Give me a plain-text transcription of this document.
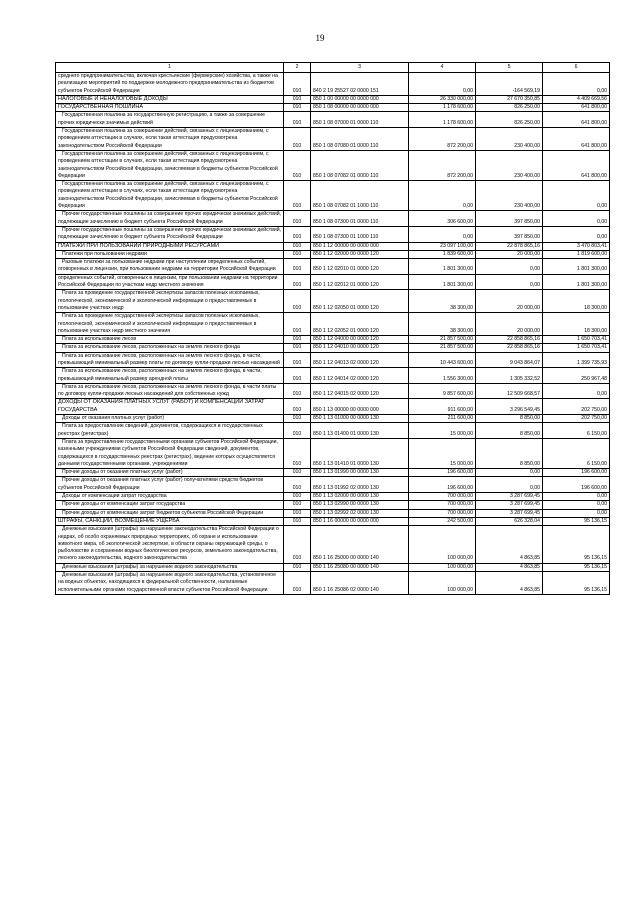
19
1	2	3	4	5	6
среднего предпринимательства, включая крестьянские (фермерские) хозяйства, а также на реализацию мероприятий по поддержке молодежного предпринимательства из бюджетов субъектов Российской Федерации	010	840 2 19 25527 02 0000 151	0,00	-164 569,19	0,00
НАЛОГОВЫЕ И НЕНАЛОГОВЫЕ ДОХОДЫ	010	850 1 00 00000 00 0000 000	26 330 000,00	27 670 350,85	4 409 669,56
ГОСУДАРСТВЕННАЯ ПОШЛИНА	010	850 1 08 00000 00 0000 000	1 178 600,00	826 250,00	641 800,00
Государственная пошлина за государственную регистрацию, а также за совершение прочих юридически значимых действий	010	850 1 08 07000 01 0000 110	1 178 600,00	826 250,00	641 800,00
Государственная пошлина за совершение действий, связанных с лицензированием, с проведением аттестации в случаях, если такая аттестация предусмотрена законодательством Российской Федерации	010	850 1 08 07080 01 0000 110	872 200,00	230 400,00	641 800,00
Государственная пошлина за совершение действий, связанных с лицензированием, с проведением аттестации в случаях, если такая аттестация предусмотрена законодательством Российской Федерации, зачисляемая в бюджеты субъектов Российской Федерации	010	850 1 08 07082 01 0000 110	872 200,00	230 400,00	641 800,00
Государственная пошлина за совершение действий, связанных с лицензированием, с проведением аттестации в случаях, если такая аттестация предусмотрена законодательством Российской Федерации, зачисляемая в бюджеты субъектов Российской Федерации	010	850 1 08 07082 01 1000 110	0,00	230 400,00	0,00
Прочие государственные пошлины за совершение прочих юридически значимых действий, подлежащие зачислению в бюджет субъекта Российской Федерации	010	850 1 08 07300 01 0000 110	306 600,00	397 850,00	0,00
Прочие государственные пошлины за совершение прочих юридически значимых действий, подлежащие зачислению в бюджет субъекта Российской Федерации	010	850 1 08 07300 01 1000 110	0,00	397 850,00	0,00
ПЛАТЕЖИ ПРИ ПОЛЬЗОВАНИИ ПРИРОДНЫМИ РЕСУРСАМИ	010	850 1 12 00000 00 0000 000	23 097 100,00	22 878 865,16	3 470 803,41
Платежи при пользовании недрами	010	850 1 12 02000 00 0000 120	1 839 600,00	20 000,00	1 819 600,00
Разовые платежи за пользование недрами при наступлении определенных событий, оговоренных в лицензии, при пользовании недрами на территории Российской Федерации	010	850 1 12 02010 01 0000 120	1 801 300,00	0,00	1 801 300,00
определенных событий, оговоренных в лицензии, при пользовании недрами на территории Российской Федерации по участкам недр местного значения	010	850 1 12 02012 01 0000 120	1 801 300,00	0,00	1 801 300,00
Плата за проведение государственной экспертизы запасов полезных ископаемых, геологической, экономической и экологической информации о предоставляемых в пользование участках недр	010	850 1 12 02050 01 0000 120	38 300,00	20 000,00	18 300,00
Плата за проведение государственной экспертизы запасов полезных ископаемых, геологической, экономической и экологической информации о предоставляемых в пользование участках недр местного значения	010	850 1 12 02052 01 0000 120	38 300,00	20 000,00	18 300,00
Плата за использование лесов	010	850 1 12 04000 00 0000 120	21 857 500,00	22 858 865,16	1 650 703,41
Плата за использование лесов, расположенных на землях лесного фонда	010	850 1 12 04010 00 0000 120	21 857 500,00	22 858 865,16	1 650 703,41
Плата за использование лесов, расположенных на землях лесного фонда, в части, превышающей минимальный размер платы по договору купли-продажи лесных насаждений	010	850 1 12 04013 02 0000 120	10 443 600,00	9 043 864,07	1 399 735,93
Плата за использование лесов, расположенных на землях лесного фонда, в части, превышающей минимальный размер арендной платы	010	850 1 12 04014 02 0000 120	1 556 300,00	1 305 332,52	250 967,48
Плата за использование лесов, расположенных на землях лесного фонда, в части платы по договору купли-продажи лесных насаждений для собственных нужд	010	850 1 12 04015 02 0000 120	9 857 600,00	12 509 668,57	0,00
ДОХОДЫ ОТ ОКАЗАНИЯ ПЛАТНЫХ УСЛУГ (РАБОТ) И КОМПЕНСАЦИИ ЗАТРАТ ГОСУДАРСТВА	010	850 1 13 00000 00 0000 000	911 600,00	3 296 549,45	202 750,00
Доходы от оказания платных услуг (работ)	010	850 1 13 01000 00 0000 130	211 600,00	8 850,00	202 750,00
Плата за предоставление сведений, документов, содержащихся в государственных реестрах (регистрах)	010	850 1 13 01400 01 0000 130	15 000,00	8 850,00	6 150,00
Плата за предоставление государственными органами субъектов Российской Федерации, казенными учреждениями субъектов Российской Федерации сведений, документов, содержащихся в государственных реестрах (регистрах), ведение которых осуществляется данными государственными органами, учреждениями	010	850 1 13 01410 01 0000 130	15 000,00	8 850,00	6 150,00
Прочие доходы от оказания платных услуг (работ)	010	850 1 13 01990 00 0000 130	196 600,00	0,00	196 600,00
Прочие доходы от оказания платных услуг (работ) получателями средств бюджетов субъектов Российской Федерации	010	850 1 13 01992 02 0000 130	196 600,00	0,00	196 600,00
Доходы от компенсации затрат государства	010	850 1 13 02000 00 0000 130	700 000,00	3 287 699,45	0,00
Прочие доходы от компенсации затрат государства	010	850 1 13 02990 00 0000 130	700 000,00	3 287 699,45	0,00
Прочие доходы от компенсации затрат бюджетов субъектов Российской Федерации	010	850 1 13 02992 02 0000 130	700 000,00	3 287 699,45	0,00
ШТРАФЫ, САНКЦИИ, ВОЗМЕЩЕНИЕ УЩЕРБА	010	850 1 16 00000 00 0000 000	242 500,00	626 328,04	95 136,15
Денежные взыскания (штрафы) за нарушение законодательства Российской Федерации о недрах, об особо охраняемых природных территориях, об охране и использовании животного мира, об экологической экспертизе, в области охраны окружающей среды, о рыболовстве и сохранении водных биологических ресурсов, земельного законодательства, лесного законодательства, водного законодательства	010	850 1 16 25000 00 0000 140	100 000,00	4 863,85	95 136,15
Денежные взыскания (штрафы) за нарушение водного законодательства	010	850 1 16 25080 00 0000 140	100 000,00	4 863,85	95 136,15
Денежные взыскания (штрафы) за нарушение водного законодательства, установленное на водных объектах, находящихся в федеральной собственности, налагаемые исполнительными органами государственной власти субъектов Российской Федерации	010	850 1 16 25086 02 0000 140	100 000,00	4 863,85	95 136,15
